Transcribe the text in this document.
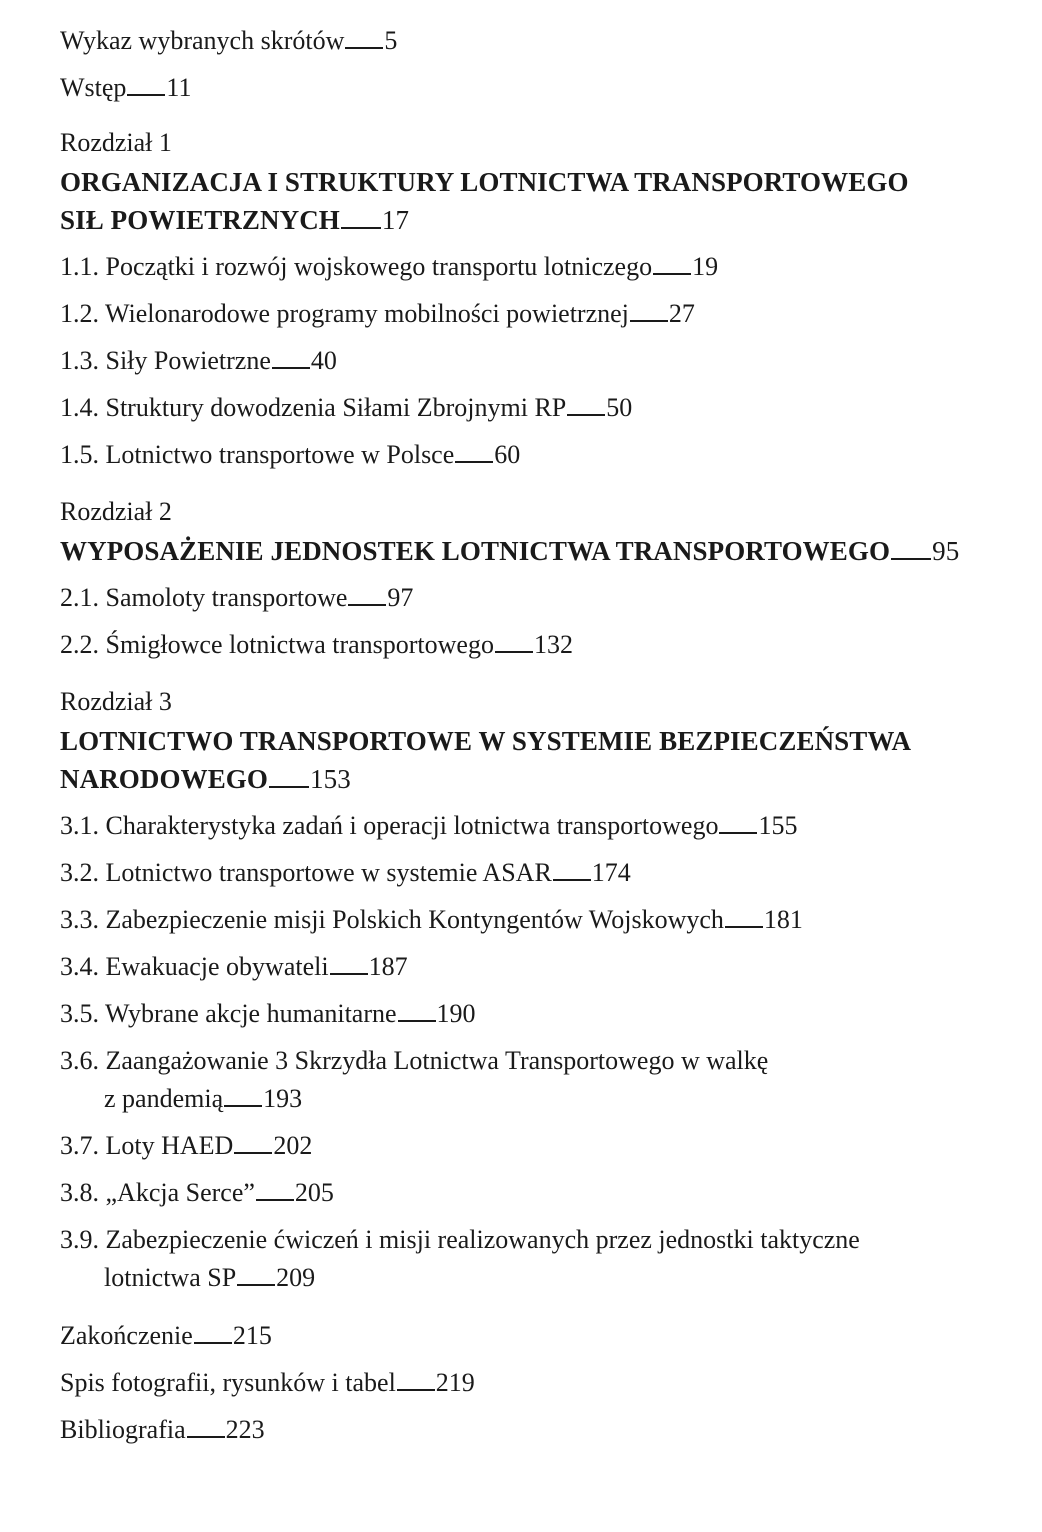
Wykaz wybranych skrótów 5
Wstęp 11
Rozdział 1
ORGANIZACJA I STRUKTURY LOTNICTWA TRANSPORTOWEGO
SIŁ POWIETRZNYCH 17
1.1. Początki i rozwój wojskowego transportu lotniczego 19
1.2. Wielonarodowe programy mobilności powietrznej 27
1.3. Siły Powietrzne 40
1.4. Struktury dowodzenia Siłami Zbrojnymi RP 50
1.5. Lotnictwo transportowe w Polsce 60
Rozdział 2
WYPOSAŻENIE JEDNOSTEK LOTNICTWA TRANSPORTOWEGO 95
2.1. Samoloty transportowe 97
2.2. Śmigłowce lotnictwa transportowego 132
Rozdział 3
LOTNICTWO TRANSPORTOWE W SYSTEMIE BEZPIECZEŃSTWA
NARODOWEGO 153
3.1. Charakterystyka zadań i operacji lotnictwa transportowego 155
3.2. Lotnictwo transportowe w systemie ASAR 174
3.3. Zabezpieczenie misji Polskich Kontyngentów Wojskowych 181
3.4. Ewakuacje obywateli 187
3.5. Wybrane akcje humanitarne 190
3.6. Zaangażowanie 3 Skrzydła Lotnictwa Transportowego w walkę
z pandemią 193
3.7. Loty HAED 202
3.8. „Akcja Serce” 205
3.9. Zabezpieczenie ćwiczeń i misji realizowanych przez jednostki taktyczne
lotnictwa SP 209
Zakończenie 215
Spis fotografii, rysunków i tabel 219
Bibliografia 223
